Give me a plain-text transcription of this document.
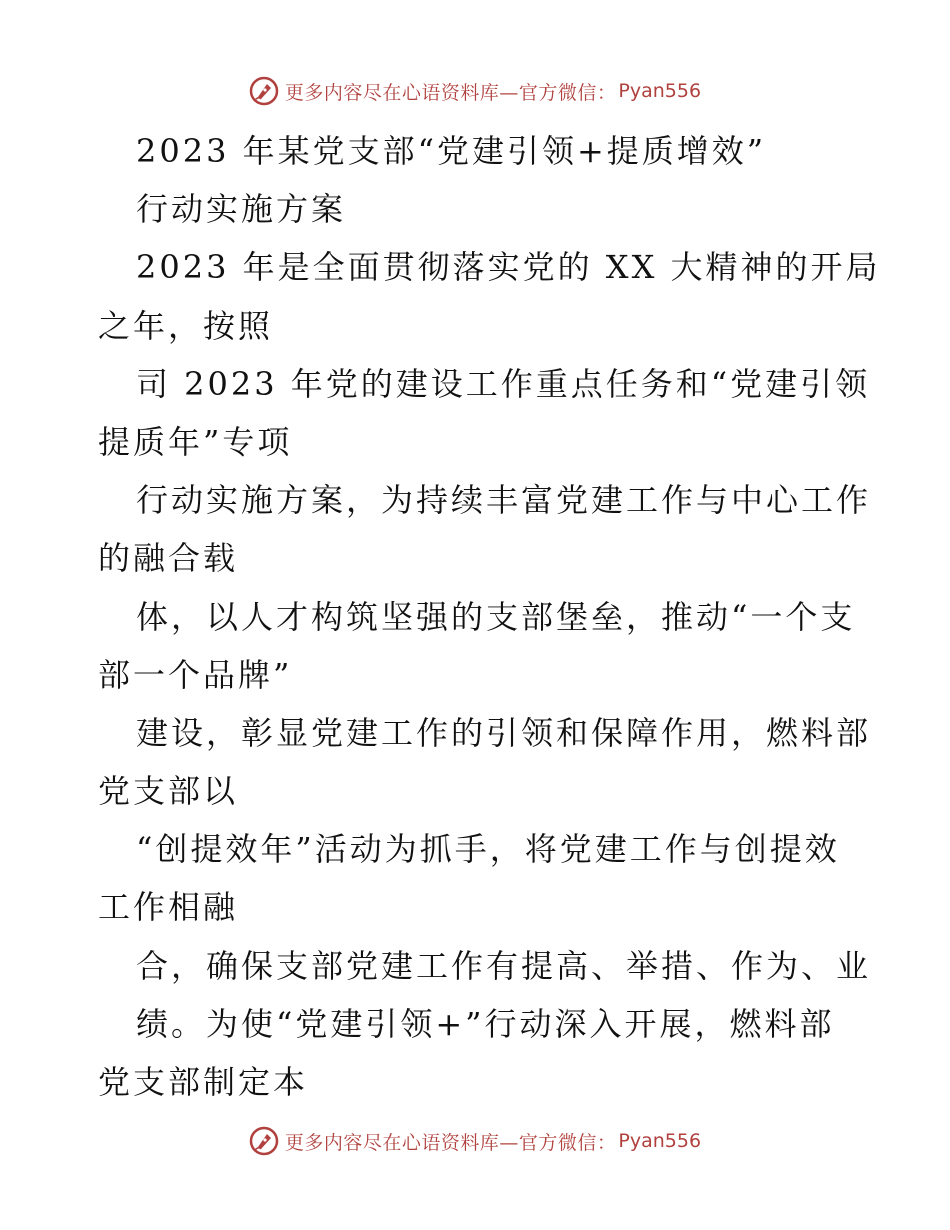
更多内容尽在心语资料库—官方微信： Pyan556
2023 年某党支部“党建引领+提质增效”
行动实施方案
2023 年是全面贯彻落实党的 XX 大精神的开局
之年，按照
司 2023 年党的建设工作重点任务和“党建引领
提质年”专项
行动实施方案，为持续丰富党建工作与中心工作
的融合载
体，以人才构筑坚强的支部堡垒，推动“一个支
部一个品牌”
建设，彰显党建工作的引领和保障作用，燃料部
党支部以
“创提效年”活动为抓手，将党建工作与创提效
工作相融
合，确保支部党建工作有提高、举措、作为、业
绩。为使“党建引领+”行动深入开展，燃料部
党支部制定本
更多内容尽在心语资料库—官方微信： Pyan556
